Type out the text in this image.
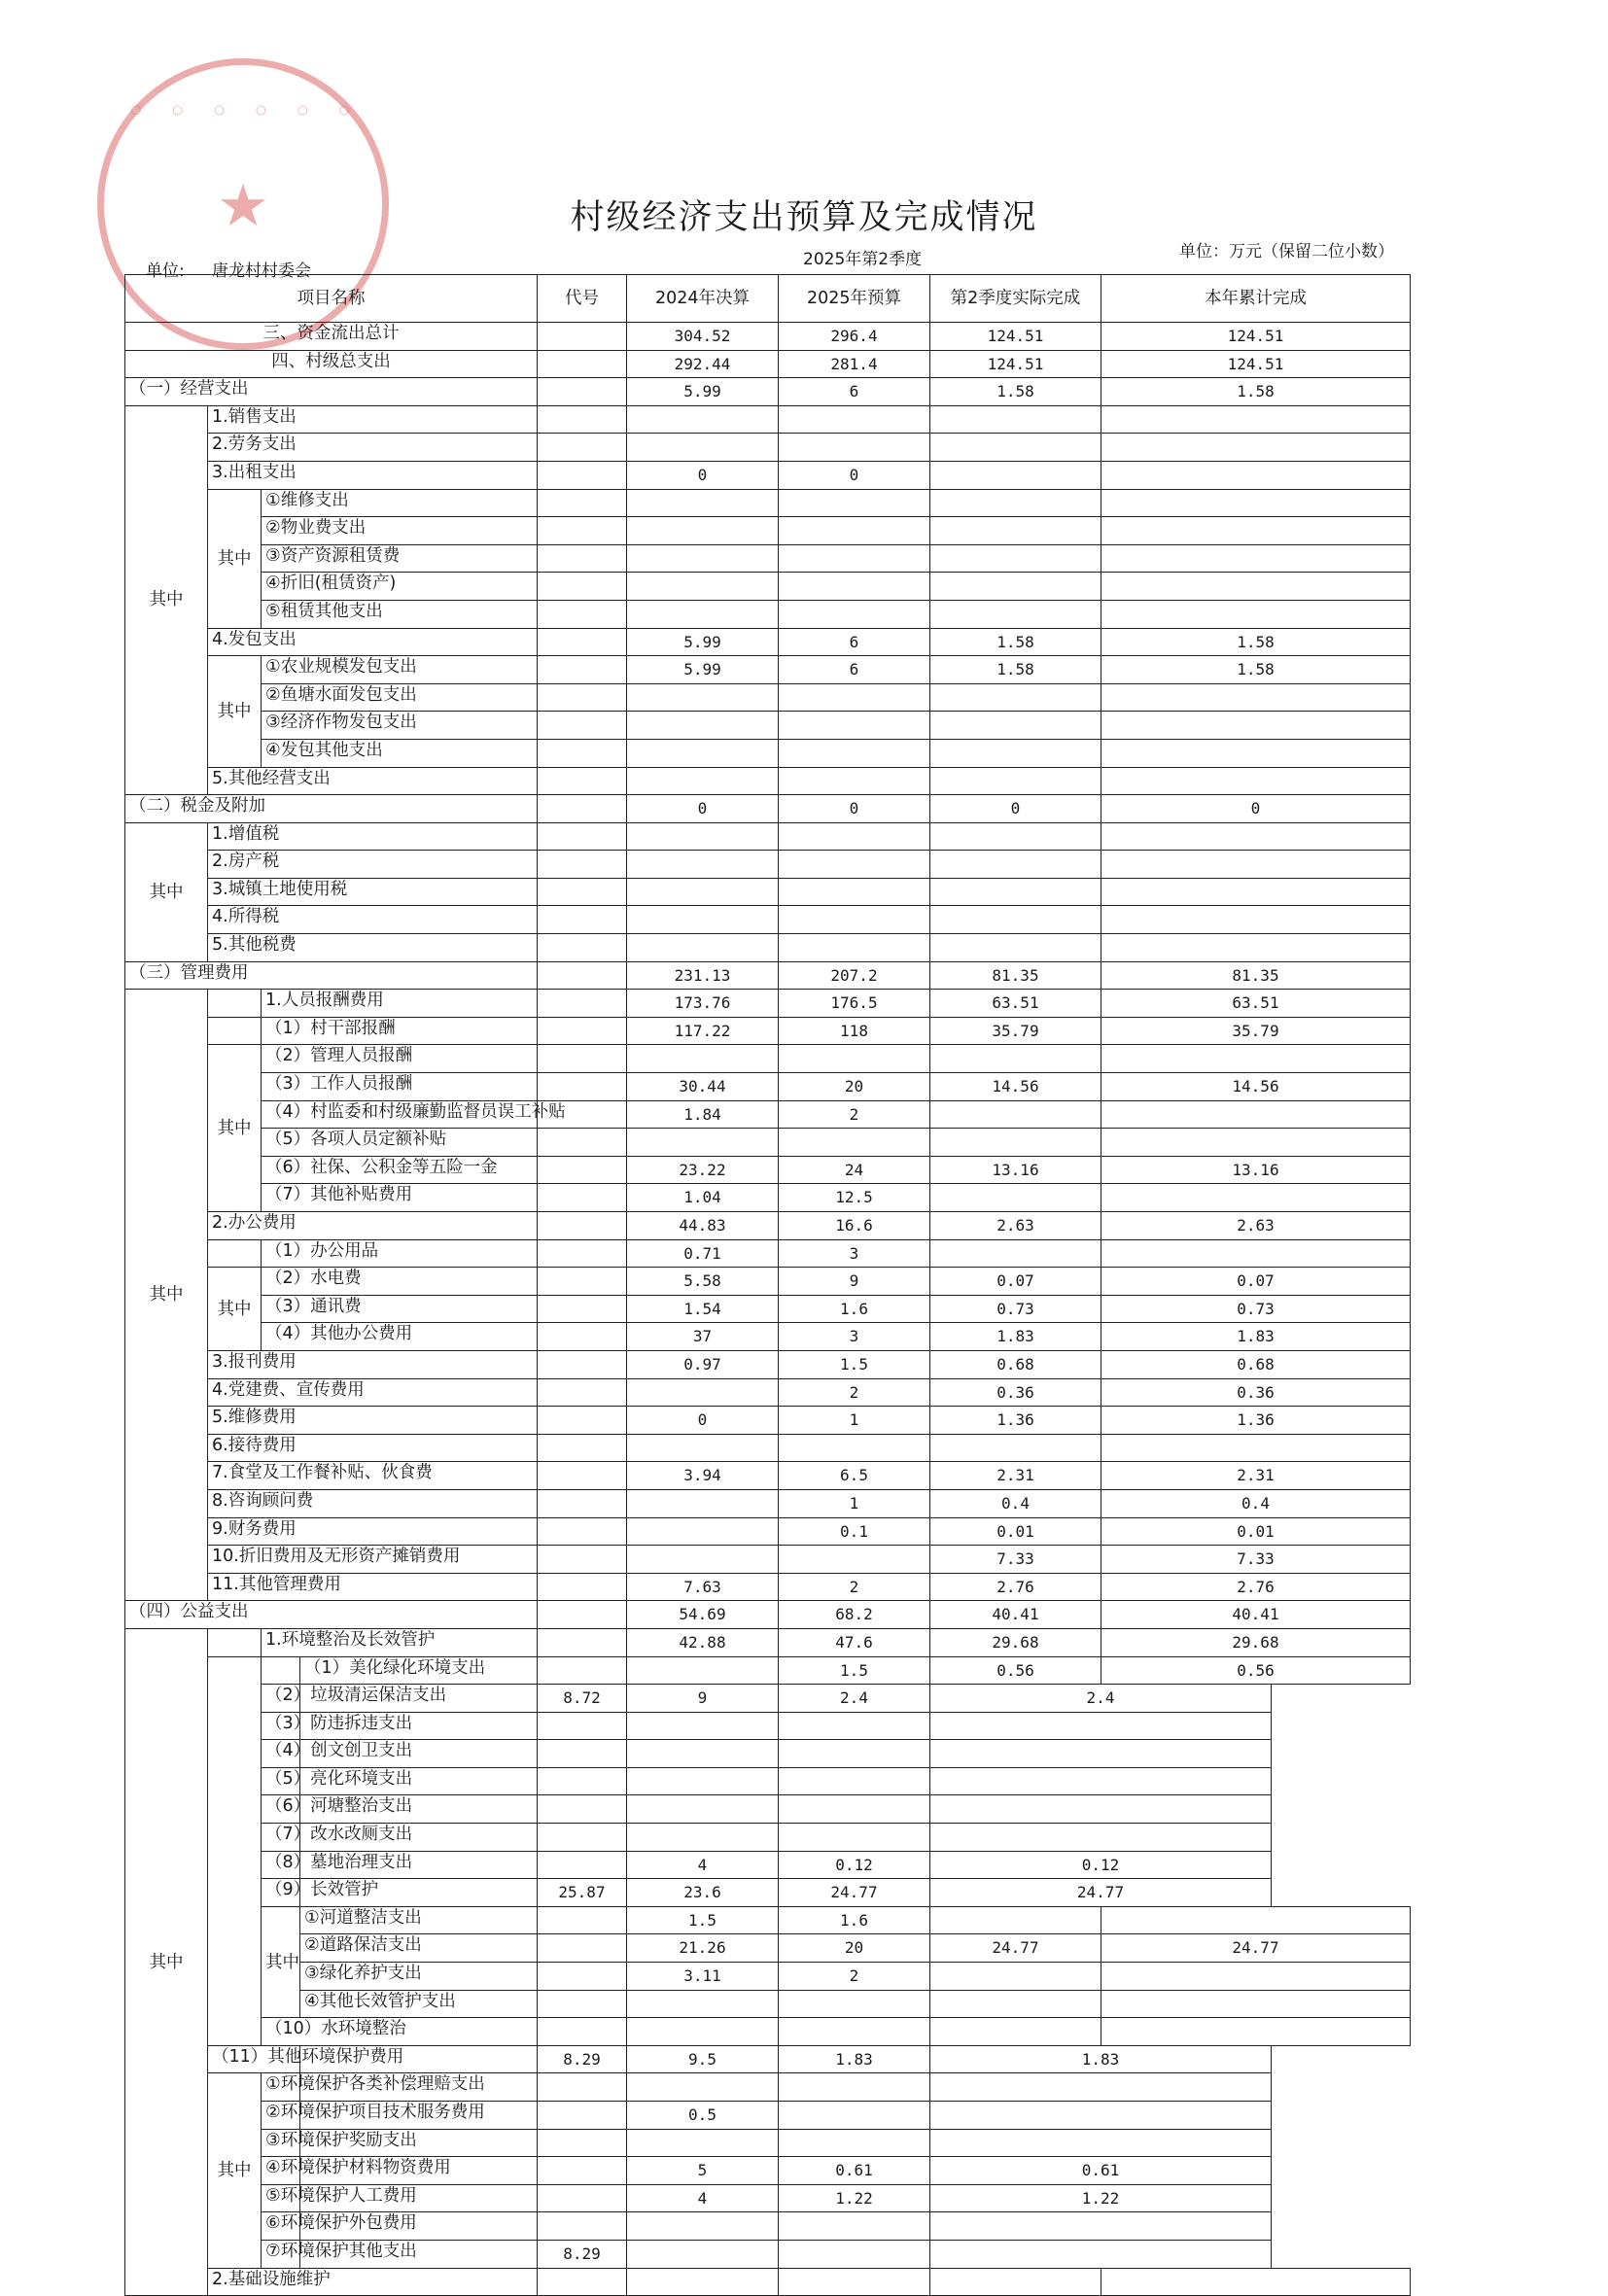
◦ ◦ ◦ ◦ ◦ ◦
★	村级经济支出预算及完成情况
单位: 唐龙村村委会
2025年第2季度	单位：万元（保留二位小数）
项目名称				代号	2024年决算	2025年预算	第2季度实际完成	本年累计完成
三、资金流出总计					304.52	296.4	124.51	124.51
四、村级总支出					292.44	281.4	124.51	124.51
（一）经营支出					5.99	6	1.58	1.58
其中	1.销售支出							
	2.劳务支出							
	3.出租支出				0	0		
	其中	①维修支出						
		②物业费支出						
		③资产资源租赁费						
		④折旧(租赁资产)						
		⑤租赁其他支出						
	4.发包支出				5.99	6	1.58	1.58
	其中	①农业规模发包支出			5.99	6	1.58	1.58
		②鱼塘水面发包支出						
		③经济作物发包支出						
		④发包其他支出						
	5.其他经营支出							
（二）税金及附加					0	0	0	0
其中	1.增值税							
	2.房产税							
	3.城镇土地使用税							
	4.所得税							
	5.其他税费							
（三）管理费用					231.13	207.2	81.35	81.35
其中		1.人员报酬费用			173.76	176.5	63.51	63.51
		（1）村干部报酬			117.22	118	35.79	35.79
	其中	（2）管理人员报酬						
		（3）工作人员报酬			30.44	20	14.56	14.56
		（4）村监委和村级廉勤监督员误工补贴			1.84	2		
		（5）各项人员定额补贴						
		（6）社保、公积金等五险一金			23.22	24	13.16	13.16
		（7）其他补贴费用			1.04	12.5		
	2.办公费用				44.83	16.6	2.63	2.63
		（1）办公用品			0.71	3		
	其中	（2）水电费			5.58	9	0.07	0.07
		（3）通讯费			1.54	1.6	0.73	0.73
		（4）其他办公费用			37	3	1.83	1.83
	3.报刊费用				0.97	1.5	0.68	0.68
	4.党建费、宣传费用					2	0.36	0.36
	5.维修费用				0	1	1.36	1.36
	6.接待费用							
	7.食堂及工作餐补贴、伙食费				3.94	6.5	2.31	2.31
	8.咨询顾问费					1	0.4	0.4
	9.财务费用					0.1	0.01	0.01
	10.折旧费用及无形资产摊销费用						7.33	7.33
	11.其他管理费用				7.63	2	2.76	2.76
（四）公益支出					54.69	68.2	40.41	40.41
其中		1.环境整治及长效管护			42.88	47.6	29.68	29.68
			（1）美化绿化环境支出			1.5	0.56	0.56
		（2）垃圾清运保洁支出		8.72	9	2.4	2.4	
		（3）防违拆违支出						
		（4）创文创卫支出						
		（5）亮化环境支出						
		（6）河塘整治支出						
		（7）改水改厕支出						
		（8）墓地治理支出			4	0.12	0.12	
		（9）长效管护		25.87	23.6	24.77	24.77	
		其中	①河道整洁支出		1.5	1.6		
			②道路保洁支出		21.26	20	24.77	24.77
			③绿化养护支出		3.11	2		
			④其他长效管护支出					
		（10）水环境整治						
	（11）其他环境保护费用			8.29	9.5	1.83	1.83	
	其中	①环境保护各类补偿理赔支出						
		②环境保护项目技术服务费用			0.5			
		③环境保护奖励支出						
		④环境保护材料物资费用			5	0.61	0.61	
		⑤环境保护人工费用			4	1.22	1.22	
		⑥环境保护外包费用						
		⑦环境保护其他支出		8.29				
	2.基础设施维护							
